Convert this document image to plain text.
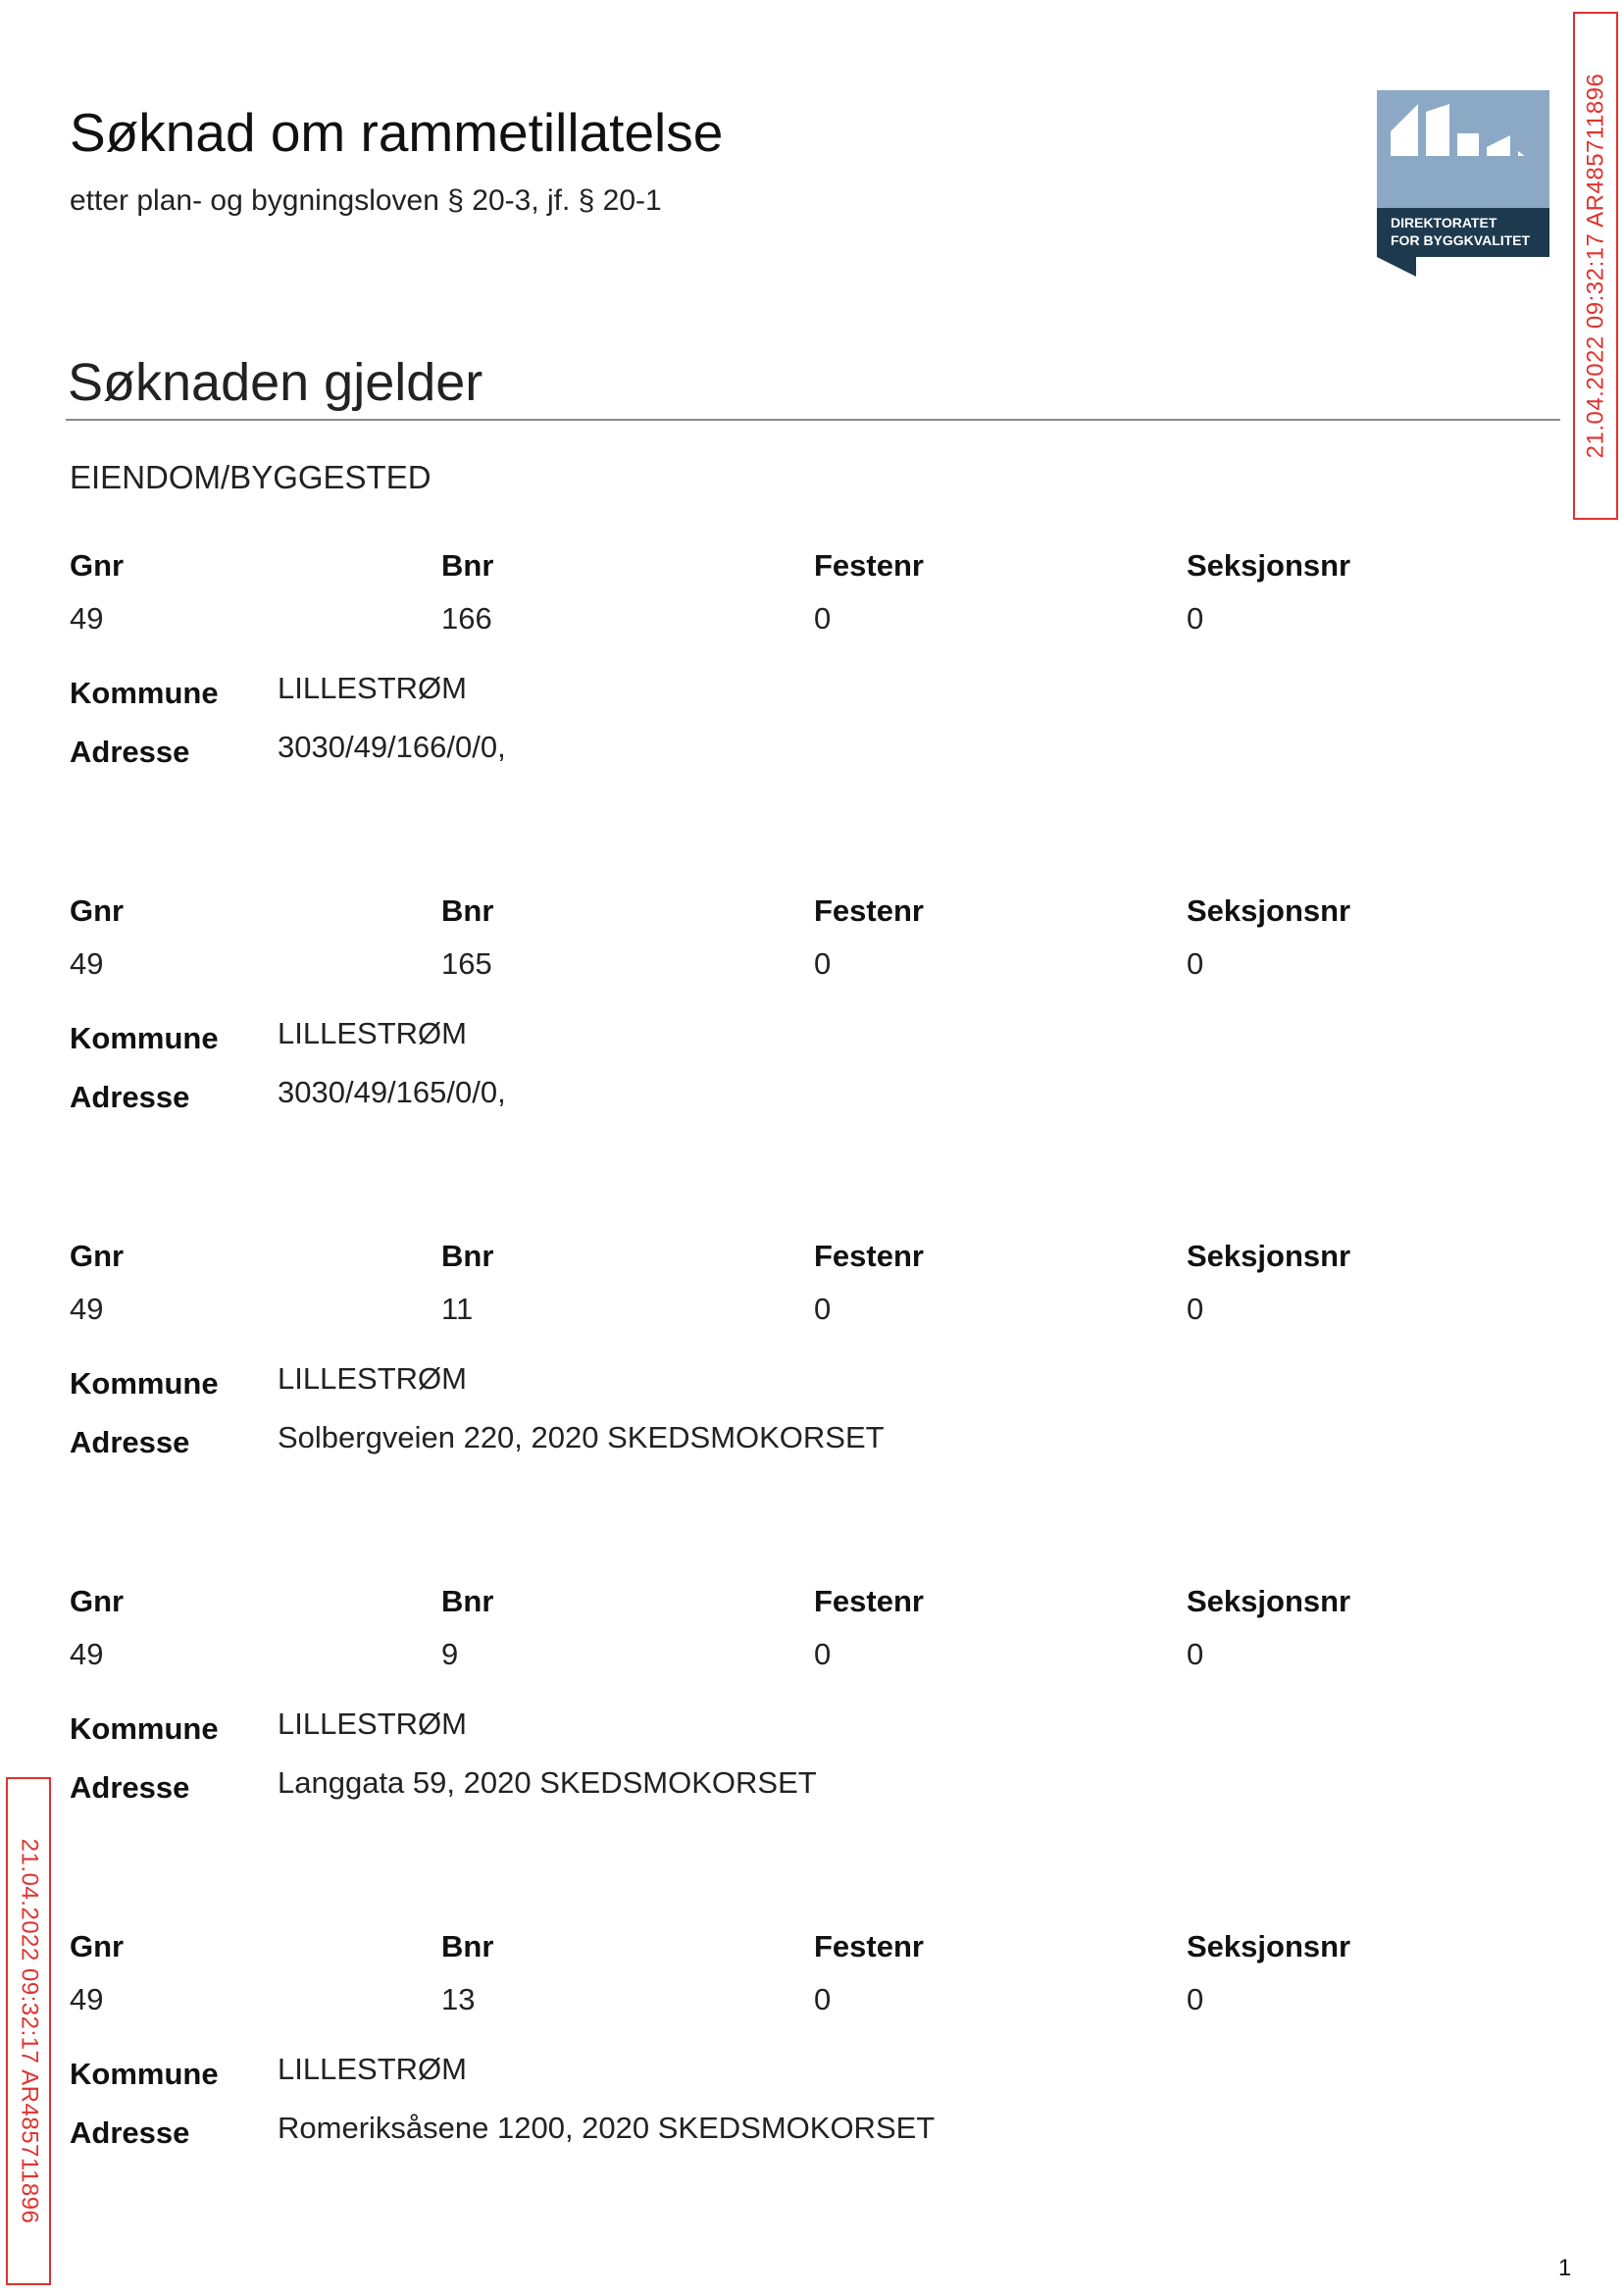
Søknad om rammetillatelse
etter plan- og bygningsloven § 20-3, jf. § 20-1
DIREKTORATET
FOR BYGGKVALITET 21.04.2022 09:32:17 AR485711896
Søknaden gjelder
EIENDOM/BYGGESTED
Gnr	Bnr	Festenr	Seksjonsnr
49	166	0	0
Kommune LILLESTRØM
Adresse	3030/49/166/0/0,
Gnr	Bnr	Festenr	Seksjonsnr
49	165	0	0
Kommune LILLESTRØM
Adresse	3030/49/165/0/0,
Gnr	Bnr	Festenr	Seksjonsnr
49	11	0	0
Kommune LILLESTRØM
Adresse	Solbergveien 220, 2020 SKEDSMOKORSET
Gnr	Bnr	Festenr	Seksjonsnr
49	9	0	0
Kommune LILLESTRØM
Adresse	Langgata 59, 2020 SKEDSMOKORSET
Gnr	Bnr	Festenr	Seksjonsnr
49	13	0	0
Kommune LILLESTRØM
Adresse	Romeriksåsene 1200, 2020 SKEDSMOKORSET
21.04.2022 09:32:17 AR485711896
1
